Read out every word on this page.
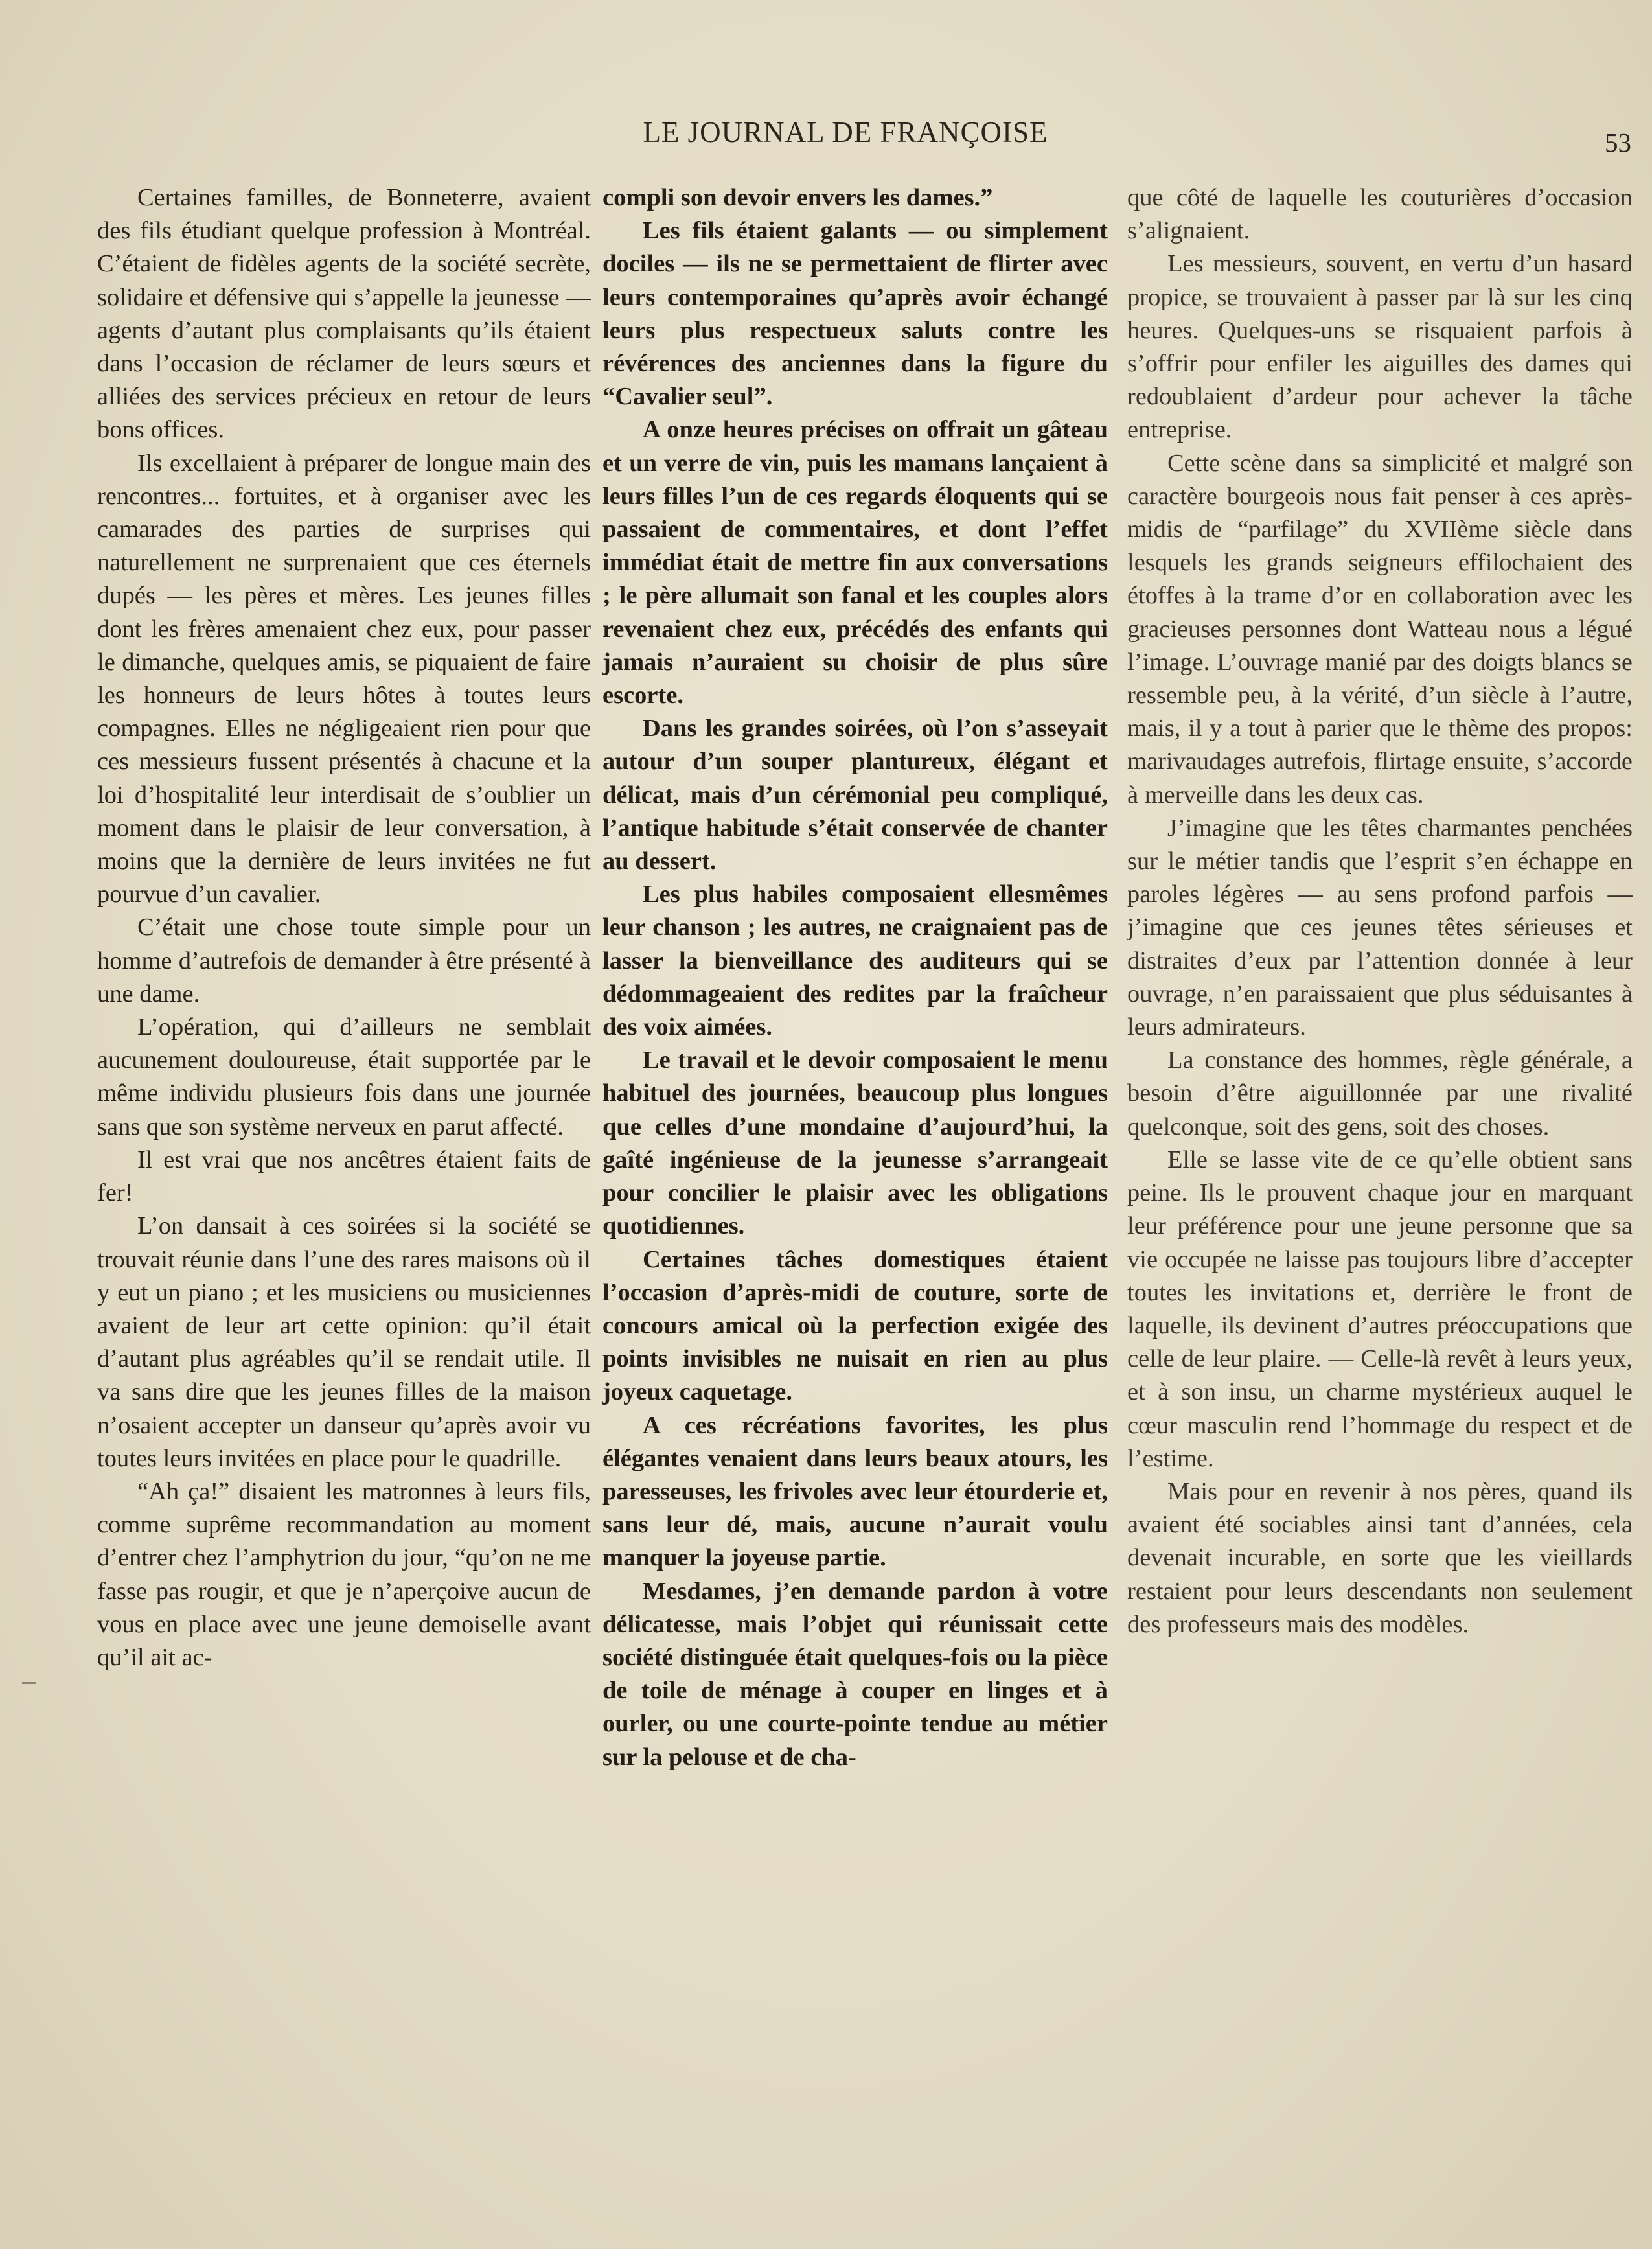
LE JOURNAL DE FRANÇOISE	53

Certaines familles, de Bonneterre, avaient des fils étudiant quelque profession à Montréal. C’étaient de fidèles agents de la société secrète, solidaire et défensive qui s’appelle la jeunesse — agents d’autant plus complaisants qu’ils étaient dans l’occasion de réclamer de leurs sœurs et alliées des services précieux en retour de leurs bons offices.

Ils excellaient à préparer de longue main des rencontres... fortuites, et à organiser avec les camarades des parties de surprises qui naturellement ne surprenaient que ces éternels dupés — les pères et mères. Les jeunes filles dont les frères amenaient chez eux, pour passer le dimanche, quelques amis, se piquaient de faire les honneurs de leurs hôtes à toutes leurs compagnes. Elles ne négligeaient rien pour que ces messieurs fussent présentés à chacune et la loi d’hospitalité leur interdisait de s’oublier un moment dans le plaisir de leur conversation, à moins que la dernière de leurs invitées ne fut pourvue d’un cavalier.

C’était une chose toute simple pour un homme d’autrefois de demander à être présenté à une dame.

L’opération, qui d’ailleurs ne semblait aucunement douloureuse, était supportée par le même individu plusieurs fois dans une journée sans que son système nerveux en parut affecté.

Il est vrai que nos ancêtres étaient faits de fer!

L’on dansait à ces soirées si la société se trouvait réunie dans l’une des rares maisons où il y eut un piano ; et les musiciens ou musiciennes avaient de leur art cette opinion: qu’il était d’autant plus agréables qu’il se rendait utile. Il va sans dire que les jeunes filles de la maison n’osaient accepter un danseur qu’après avoir vu toutes leurs invitées en place pour le quadrille.

“Ah ça!” disaient les matronnes à leurs fils, comme suprême recommandation au moment d’entrer chez l’amphytrion du jour, “qu’on ne me fasse pas rougir, et que je n’aperçoive aucun de vous en place avec une jeune demoiselle avant qu’il ait ac-

compli son devoir envers les dames.”

Les fils étaient galants — ou simplement dociles — ils ne se permettaient de flirter avec leurs contemporaines qu’après avoir échangé leurs plus respectueux saluts contre les révérences des anciennes dans la figure du “Cavalier seul”.

A onze heures précises on offrait un gâteau et un verre de vin, puis les mamans lançaient à leurs filles l’un de ces regards éloquents qui se passaient de commentaires, et dont l’effet immédiat était de mettre fin aux conversations ; le père allumait son fanal et les couples alors revenaient chez eux, précédés des enfants qui jamais n’auraient su choisir de plus sûre escorte.

Dans les grandes soirées, où l’on s’asseyait autour d’un souper plantureux, élégant et délicat, mais d’un cérémonial peu compliqué, l’antique habitude s’était conservée de chanter au dessert.

Les plus habiles composaient ellesmêmes leur chanson ; les autres, ne craignaient pas de lasser la bienveillance des auditeurs qui se dédommageaient des redites par la fraîcheur des voix aimées.

Le travail et le devoir composaient le menu habituel des journées, beaucoup plus longues que celles d’une mondaine d’aujourd’hui, la gaîté ingénieuse de la jeunesse s’arrangeait pour concilier le plaisir avec les obligations quotidiennes.

Certaines tâches domestiques étaient l’occasion d’après-midi de couture, sorte de concours amical où la perfection exigée des points invisibles ne nuisait en rien au plus joyeux caquetage.

A ces récréations favorites, les plus élégantes venaient dans leurs beaux atours, les paresseuses, les frivoles avec leur étourderie et, sans leur dé, mais, aucune n’aurait voulu manquer la joyeuse partie.

Mesdames, j’en demande pardon à votre délicatesse, mais l’objet qui réunissait cette société distinguée était quelques-fois ou la pièce de toile de ménage à couper en linges et à ourler, ou une courte-pointe tendue au métier sur la pelouse et de cha-

que côté de laquelle les couturières d’occasion s’alignaient.

Les messieurs, souvent, en vertu d’un hasard propice, se trouvaient à passer par là sur les cinq heures. Quelques-uns se risquaient parfois à s’offrir pour enfiler les aiguilles des dames qui redoublaient d’ardeur pour achever la tâche entreprise.

Cette scène dans sa simplicité et malgré son caractère bourgeois nous fait penser à ces après-midis de “parfilage” du XVIIème siècle dans lesquels les grands seigneurs effilochaient des étoffes à la trame d’or en collaboration avec les gracieuses personnes dont Watteau nous a légué l’image. L’ouvrage manié par des doigts blancs se ressemble peu, à la vérité, d’un siècle à l’autre, mais, il y a tout à parier que le thème des propos: marivaudages autrefois, flirtage ensuite, s’accorde à merveille dans les deux cas.

J’imagine que les têtes charmantes penchées sur le métier tandis que l’esprit s’en échappe en paroles légères — au sens profond parfois — j’imagine que ces jeunes têtes sérieuses et distraites d’eux par l’attention donnée à leur ouvrage, n’en paraissaient que plus séduisantes à leurs admirateurs.

La constance des hommes, règle générale, a besoin d’être aiguillonnée par une rivalité quelconque, soit des gens, soit des choses.

Elle se lasse vite de ce qu’elle obtient sans peine. Ils le prouvent chaque jour en marquant leur préférence pour une jeune personne que sa vie occupée ne laisse pas toujours libre d’accepter toutes les invitations et, derrière le front de laquelle, ils devinent d’autres préoccupations que celle de leur plaire. — Celle-là revêt à leurs yeux, et à son insu, un charme mystérieux auquel le cœur masculin rend l’hommage du respect et de l’estime.

Mais pour en revenir à nos pères, quand ils avaient été sociables ainsi tant d’années, cela devenait incurable, en sorte que les vieillards restaient pour leurs descendants non seulement des professeurs mais des modèles.
